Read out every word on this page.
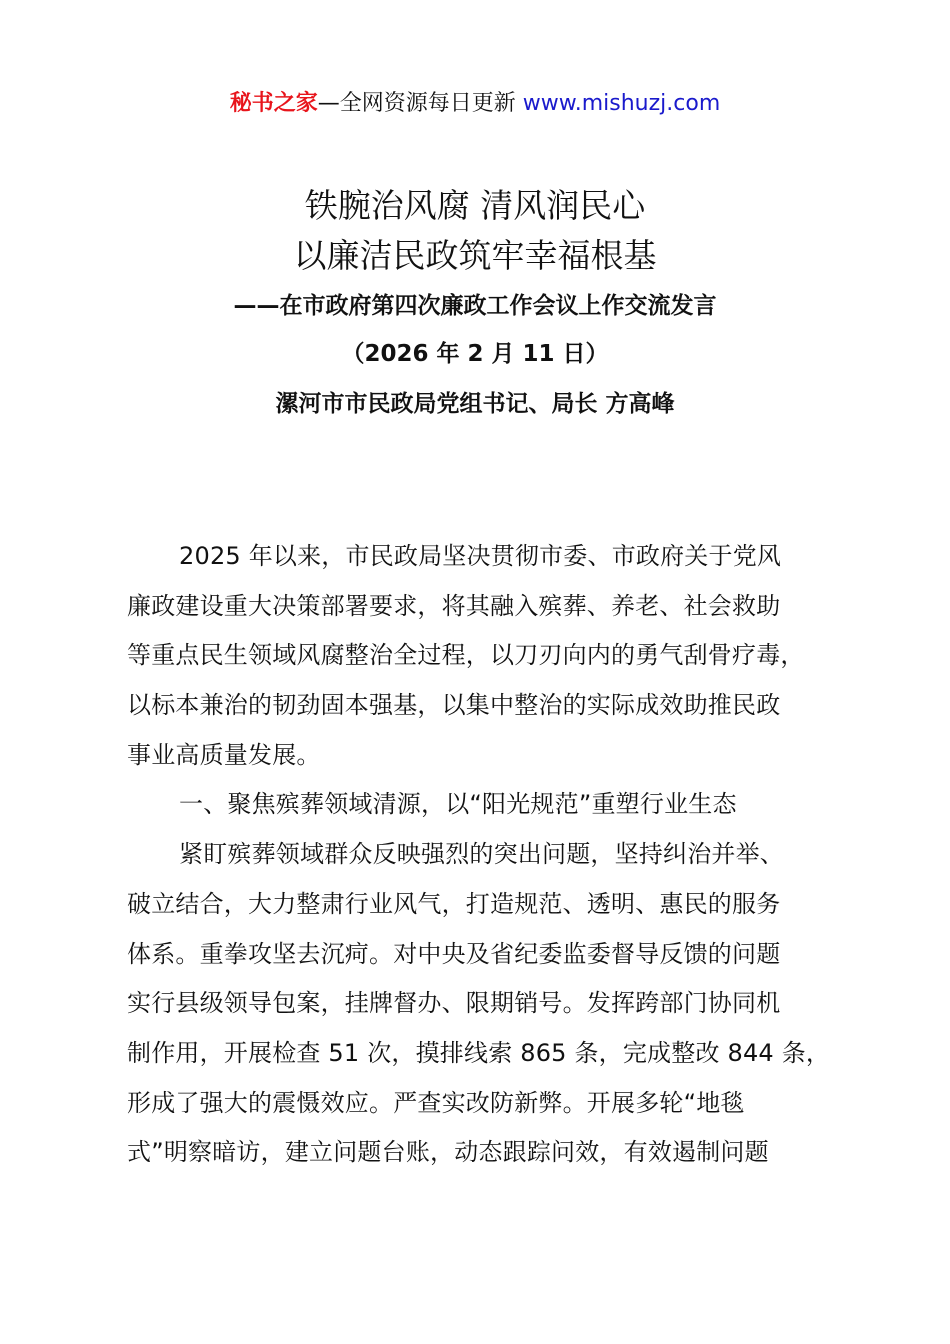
秘书之家—全网资源每日更新 www.mishuzj.com
铁腕治风腐 清风润民心
以廉洁民政筑牢幸福根基
——在市政府第四次廉政工作会议上作交流发言
（2026 年 2 月 11 日）
漯河市市民政局党组书记、局长 方高峰
2025 年以来，市民政局坚决贯彻市委、市政府关于党风
廉政建设重大决策部署要求，将其融入殡葬、养老、社会救助
等重点民生领域风腐整治全过程，以刀刃向内的勇气刮骨疗毒，
以标本兼治的韧劲固本强基，以集中整治的实际成效助推民政
事业高质量发展。
一、聚焦殡葬领域清源，以“阳光规范”重塑行业生态
紧盯殡葬领域群众反映强烈的突出问题，坚持纠治并举、
破立结合，大力整肃行业风气，打造规范、透明、惠民的服务
体系。重拳攻坚去沉疴。对中央及省纪委监委督导反馈的问题
实行县级领导包案，挂牌督办、限期销号。发挥跨部门协同机
制作用，开展检查 51 次，摸排线索 865 条，完成整改 844 条，
形成了强大的震慑效应。严查实改防新弊。开展多轮“地毯
式”明察暗访，建立问题台账，动态跟踪问效，有效遏制问题
